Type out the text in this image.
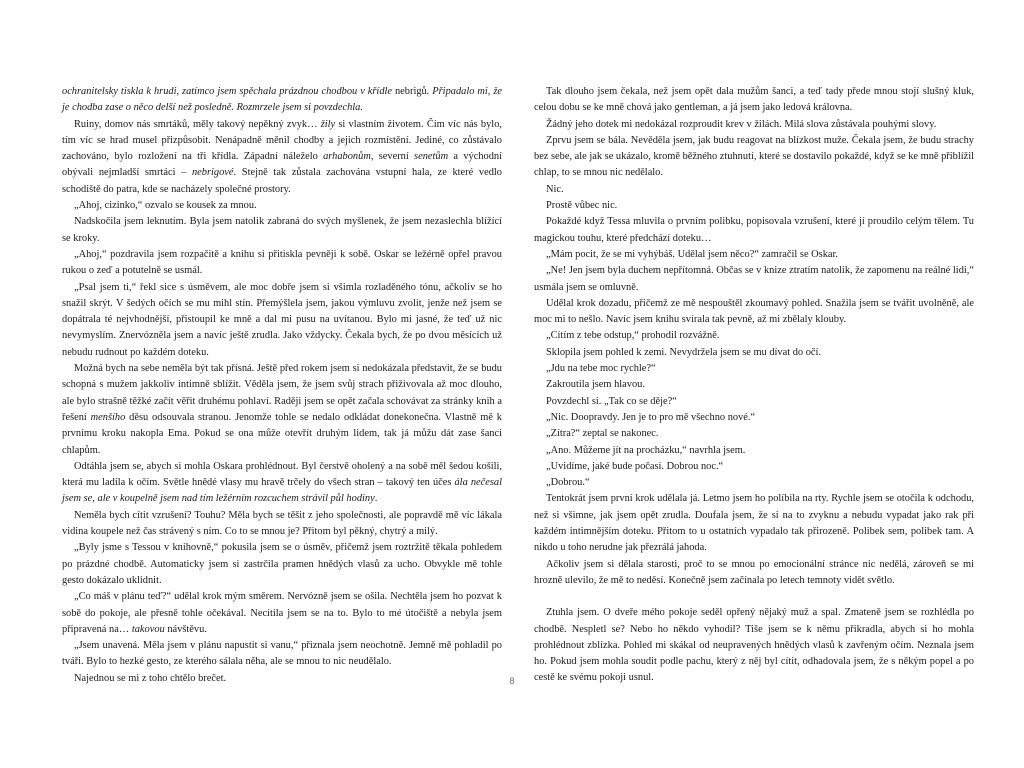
ochranitelsky tiskla k hrudi, zatímco jsem spěchala prázdnou chodbou v křídle nebrigů. Připadalo mi, že je chodba zase o něco delší než posledně. Rozmrzele jsem si povzdechla.

Ruiny, domov nás smrtáků, měly takový nepěkný zvyk… žily si vlastním životem. Čím víc nás bylo, tím víc se hrad musel přizpůsobit. Nenápadně měnil chodby a jejich rozmístění. Jediné, co zůstávalo zachováno, bylo rozložení na tři křídla. Západní náleželo arhabonům, severní senetům a východní obývali nejmladší smrtáci – nebrigové. Stejně tak zůstala zachována vstupní hala, ze které vedlo schodiště do patra, kde se nacházely společné prostory.

„Ahoj, cizinko,“ ozvalo se kousek za mnou.

Nadskočila jsem leknutím. Byla jsem natolik zabraná do svých myšlenek, že jsem nezaslechla blížící se kroky.

„Ahoj,“ pozdravila jsem rozpačitě a knihu si přitiskla pevněji k sobě. Oskar se ležérně opřel pravou rukou o zeď a potutelně se usmál.

„Psal jsem ti,“ řekl sice s úsměvem, ale moc dobře jsem si všimla rozladěného tónu, ačkoliv se ho snažil skrýt. V šedých očích se mu mihl stín. Přemýšlela jsem, jakou výmluvu zvolit, jenže než jsem se dopátrala té nejvhodnější, přistoupil ke mně a dal mi pusu na uvítanou. Bylo mi jasné, že teď už nic nevymyslím. Znervózněla jsem a navíc ještě zrudla. Jako vždycky. Čekala bych, že po dvou měsících už nebudu rudnout po každém doteku.

Možná bych na sebe neměla být tak přísná. Ještě před rokem jsem si nedokázala představit, že se budu schopná s mužem jakkoliv intimně sblížit. Věděla jsem, že jsem svůj strach přiživovala až moc dlouho, ale bylo strašně těžké začít věřit druhému pohlaví. Raději jsem se opět začala schovávat za stránky knih a řešení menšího děsu odsouvala stranou. Jenomže tohle se nedalo odkládat donekonečna. Vlastně mě k prvnímu kroku nakopla Ema. Pokud se ona může otevřít druhým lidem, tak já můžu dát zase šanci chlapům.

Odtáhla jsem se, abych si mohla Oskara prohlédnout. Byl čerstvě oholený a na sobě měl šedou košili, která mu ladila k očím. Světle hnědé vlasy mu hravě trčely do všech stran – takový ten účes ála nečesal jsem se, ale v koupelně jsem nad tím ležérním rozcuchem strávil půl hodiny.

Neměla bych cítit vzrušení? Touhu? Měla bych se těšit z jeho společnosti, ale popravdě mě víc lákala vidina koupele než čas strávený s ním. Co to se mnou je? Přitom byl pěkný, chytrý a milý.

„Byly jsme s Tessou v knihovně,“ pokusila jsem se o úsměv, přičemž jsem roztržitě těkala pohledem po prázdné chodbě. Automaticky jsem si zastrčila pramen hnědých vlasů za ucho. Obvykle mě tohle gesto dokázalo uklidnit.

„Co máš v plánu teď?“ udělal krok mým směrem. Nervózně jsem se ošila. Nechtěla jsem ho pozvat k sobě do pokoje, ale přesně tohle očekával. Necítila jsem se na to. Bylo to mé útočiště a nebyla jsem připravená na… takovou návštěvu.

„Jsem unavená. Měla jsem v plánu napustit si vanu,“ přiznala jsem neochotně. Jemně mě pohladil po tváři. Bylo to hezké gesto, ze kterého sálala něha, ale se mnou to nic neudělalo.

Najednou se mi z toho chtělo brečet.

Tak dlouho jsem čekala, než jsem opět dala mužům šanci, a teď tady přede mnou stojí slušný kluk, celou dobu se ke mně chová jako gentleman, a já jsem jako ledová královna.

Žádný jeho dotek mi nedokázal rozproudit krev v žilách. Milá slova zůstávala pouhými slovy.

Zprvu jsem se bála. Nevěděla jsem, jak budu reagovat na blízkost muže. Čekala jsem, že budu strachy bez sebe, ale jak se ukázalo, kromě běžného ztuhnutí, které se dostavilo pokaždé, když se ke mně přiblížil chlap, to se mnou nic nedělalo.

Nic.

Prostě vůbec nic.

Pokaždé když Tessa mluvila o prvním polibku, popisovala vzrušení, které jí proudilo celým tělem. Tu magickou touhu, které předchází doteku…

„Mám pocit, že se mi vyhýbáš. Udělal jsem něco?“ zamračil se Oskar.

„Ne! Jen jsem byla duchem nepřítomná. Občas se v knize ztratím natolik, že zapomenu na reálné lidi,“ usmála jsem se omluvně.

Udělal krok dozadu, přičemž ze mě nespouštěl zkoumavý pohled. Snažila jsem se tvářit uvolněně, ale moc mi to nešlo. Navíc jsem knihu svírala tak pevně, až mi zbělaly klouby.

„Cítím z tebe odstup,“ prohodil rozvážně.

Sklopila jsem pohled k zemi. Nevydržela jsem se mu dívat do očí.

„Jdu na tebe moc rychle?“

Zakroutila jsem hlavou.

Povzdechl si. „Tak co se děje?“

„Nic. Doopravdy. Jen je to pro mě všechno nové.“

„Zítra?“ zeptal se nakonec.

„Ano. Můžeme jít na procházku,“ navrhla jsem.

„Uvidíme, jaké bude počasí. Dobrou noc.“

„Dobrou.“

Tentokrát jsem první krok udělala já. Letmo jsem ho políbila na rty. Rychle jsem se otočila k odchodu, než si všimne, jak jsem opět zrudla. Doufala jsem, že si na to zvyknu a nebudu vypadat jako rak při každém intimnějším doteku. Přitom to u ostatních vypadalo tak přirozeně. Polibek sem, polibek tam. A nikdo u toho nerudne jak přezrálá jahoda.

Ačkoliv jsem si dělala starosti, proč to se mnou po emocionální stránce nic nedělá, zároveň se mi hrozně ulevilo, že mě to neděsí. Konečně jsem začínala po letech temnoty vidět světlo.

Ztuhla jsem. O dveře mého pokoje seděl opřený nějaký muž a spal. Zmateně jsem se rozhlédla po chodbě. Nespletl se? Nebo ho někdo vyhodil? Tiše jsem se k němu přikradla, abych si ho mohla prohlédnout zblízka. Pohled mi skákal od neupravených hnědých vlasů k zavřeným očím. Neznala jsem ho. Pokud jsem mohla soudit podle pachu, který z něj byl cítit, odhadovala jsem, že s někým popel a po cestě ke svému pokoji usnul.

8
